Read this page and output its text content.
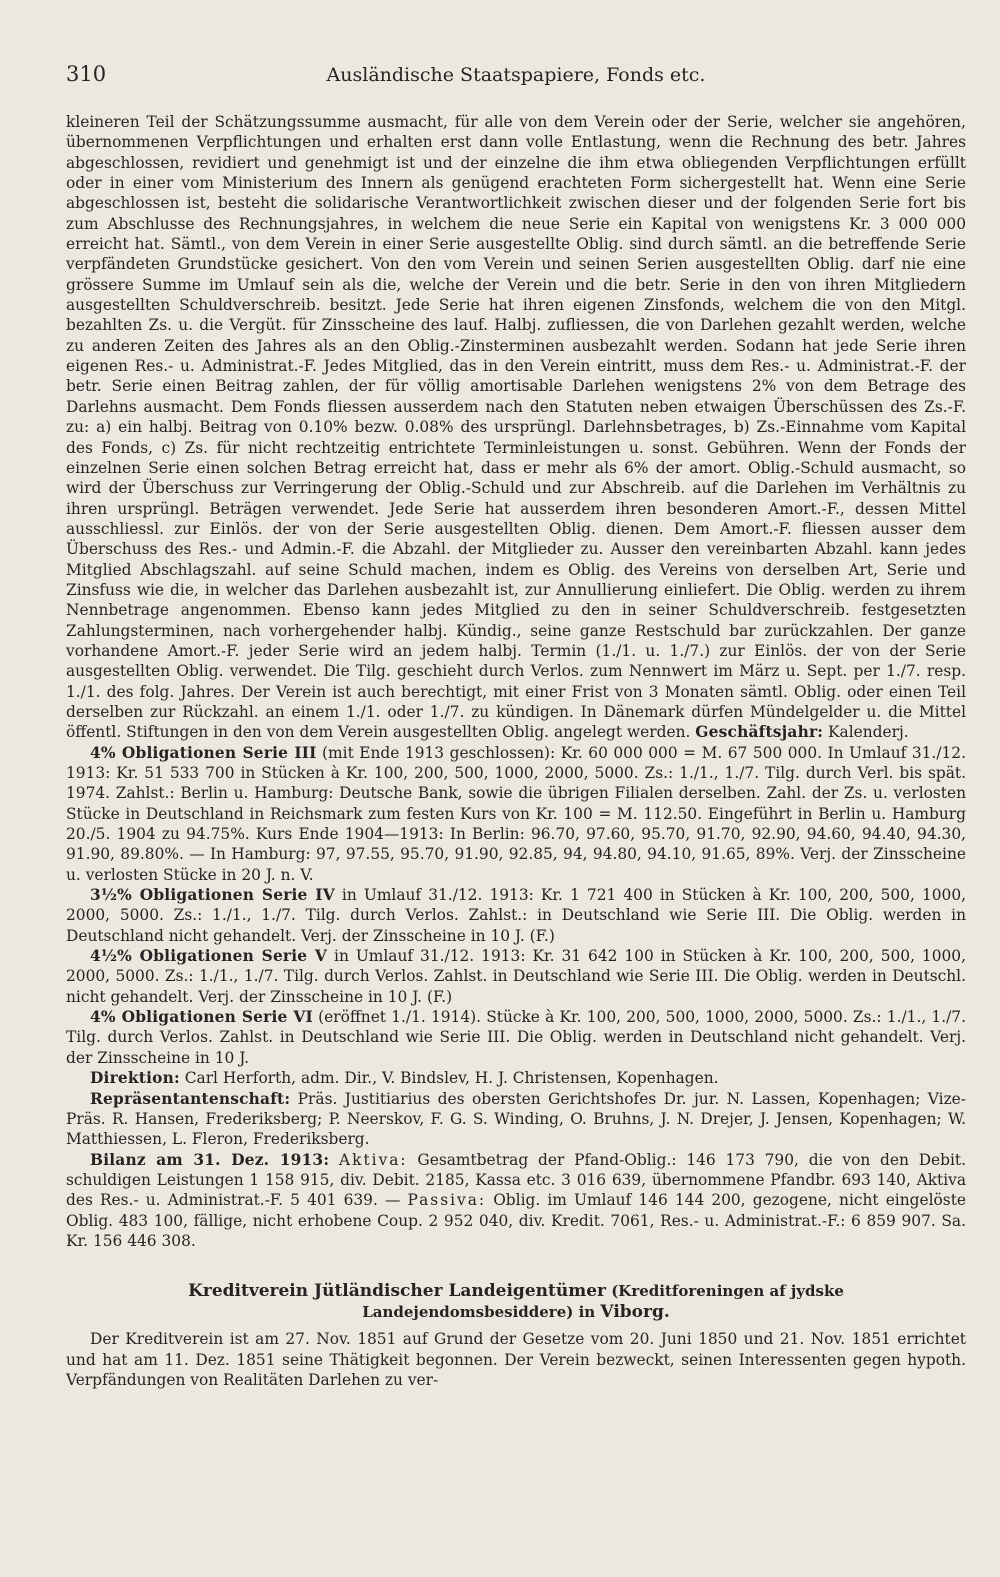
310	Ausländische Staatspapiere, Fonds etc.

kleineren Teil der Schätzungssumme ausmacht, für alle von dem Verein oder der Serie, welcher sie angehören, übernommenen Verpflichtungen und erhalten erst dann volle Entlastung, wenn die Rechnung des betr. Jahres abgeschlossen, revidiert und genehmigt ist und der einzelne die ihm etwa obliegenden Verpflichtungen erfüllt oder in einer vom Ministerium des Innern als genügend erachteten Form sichergestellt hat. Wenn eine Serie abgeschlossen ist, besteht die solidarische Verantwortlichkeit zwischen dieser und der folgenden Serie fort bis zum Abschlusse des Rechnungsjahres, in welchem die neue Serie ein Kapital von wenigstens Kr. 3 000 000 erreicht hat. Sämtl., von dem Verein in einer Serie ausgestellte Oblig. sind durch sämtl. an die betreffende Serie verpfändeten Grundstücke gesichert. Von den vom Verein und seinen Serien ausgestellten Oblig. darf nie eine grössere Summe im Umlauf sein als die, welche der Verein und die betr. Serie in den von ihren Mitgliedern ausgestellten Schuldverschreib. besitzt. Jede Serie hat ihren eigenen Zinsfonds, welchem die von den Mitgl. bezahlten Zs. u. die Vergüt. für Zinsscheine des lauf. Halbj. zufliessen, die von Darlehen gezahlt werden, welche zu anderen Zeiten des Jahres als an den Oblig.-Zinsterminen ausbezahlt werden. Sodann hat jede Serie ihren eigenen Res.- u. Administrat.-F. Jedes Mitglied, das in den Verein eintritt, muss dem Res.- u. Administrat.-F. der betr. Serie einen Beitrag zahlen, der für völlig amortisable Darlehen wenigstens 2% von dem Betrage des Darlehns ausmacht. Dem Fonds fliessen ausserdem nach den Statuten neben etwaigen Überschüssen des Zs.-F. zu: a) ein halbj. Beitrag von 0.10% bezw. 0.08% des ursprüngl. Darlehnsbetrages, b) Zs.-Einnahme vom Kapital des Fonds, c) Zs. für nicht rechtzeitig entrichtete Terminleistungen u. sonst. Gebühren. Wenn der Fonds der einzelnen Serie einen solchen Betrag erreicht hat, dass er mehr als 6% der amort. Oblig.-Schuld ausmacht, so wird der Überschuss zur Verringerung der Oblig.-Schuld und zur Abschreib. auf die Darlehen im Verhältnis zu ihren ursprüngl. Beträgen verwendet. Jede Serie hat ausserdem ihren besonderen Amort.-F., dessen Mittel ausschliessl. zur Einlös. der von der Serie ausgestellten Oblig. dienen. Dem Amort.-F. fliessen ausser dem Überschuss des Res.- und Admin.-F. die Abzahl. der Mitglieder zu. Ausser den vereinbarten Abzahl. kann jedes Mitglied Abschlagszahl. auf seine Schuld machen, indem es Oblig. des Vereins von derselben Art, Serie und Zinsfuss wie die, in welcher das Darlehen ausbezahlt ist, zur Annullierung einliefert. Die Oblig. werden zu ihrem Nennbetrage angenommen. Ebenso kann jedes Mitglied zu den in seiner Schuldverschreib. festgesetzten Zahlungsterminen, nach vorhergehender halbj. Kündig., seine ganze Restschuld bar zurückzahlen. Der ganze vorhandene Amort.-F. jeder Serie wird an jedem halbj. Termin (1./1. u. 1./7.) zur Einlös. der von der Serie ausgestellten Oblig. verwendet. Die Tilg. geschieht durch Verlos. zum Nennwert im März u. Sept. per 1./7. resp. 1./1. des folg. Jahres. Der Verein ist auch berechtigt, mit einer Frist von 3 Monaten sämtl. Oblig. oder einen Teil derselben zur Rückzahl. an einem 1./1. oder 1./7. zu kündigen. In Dänemark dürfen Mündelgelder u. die Mittel öffentl. Stiftungen in den von dem Verein ausgestellten Oblig. angelegt werden. Geschäftsjahr: Kalenderj.

4% Obligationen Serie III (mit Ende 1913 geschlossen): Kr. 60 000 000 = M. 67 500 000. In Umlauf 31./12. 1913: Kr. 51 533 700 in Stücken à Kr. 100, 200, 500, 1000, 2000, 5000. Zs.: 1./1., 1./7. Tilg. durch Verl. bis spät. 1974. Zahlst.: Berlin u. Hamburg: Deutsche Bank, sowie die übrigen Filialen derselben. Zahl. der Zs. u. verlosten Stücke in Deutschland in Reichsmark zum festen Kurs von Kr. 100 = M. 112.50. Eingeführt in Berlin u. Hamburg 20./5. 1904 zu 94.75%. Kurs Ende 1904—1913: In Berlin: 96.70, 97.60, 95.70, 91.70, 92.90, 94.60, 94.40, 94.30, 91.90, 89.80%. — In Hamburg: 97, 97.55, 95.70, 91.90, 92.85, 94, 94.80, 94.10, 91.65, 89%. Verj. der Zinsscheine u. verlosten Stücke in 20 J. n. V.

3½% Obligationen Serie IV in Umlauf 31./12. 1913: Kr. 1 721 400 in Stücken à Kr. 100, 200, 500, 1000, 2000, 5000. Zs.: 1./1., 1./7. Tilg. durch Verlos. Zahlst.: in Deutschland wie Serie III. Die Oblig. werden in Deutschland nicht gehandelt. Verj. der Zinsscheine in 10 J. (F.)

4½% Obligationen Serie V in Umlauf 31./12. 1913: Kr. 31 642 100 in Stücken à Kr. 100, 200, 500, 1000, 2000, 5000. Zs.: 1./1., 1./7. Tilg. durch Verlos. Zahlst. in Deutschland wie Serie III. Die Oblig. werden in Deutschl. nicht gehandelt. Verj. der Zinsscheine in 10 J. (F.)

4% Obligationen Serie VI (eröffnet 1./1. 1914). Stücke à Kr. 100, 200, 500, 1000, 2000, 5000. Zs.: 1./1., 1./7. Tilg. durch Verlos. Zahlst. in Deutschland wie Serie III. Die Oblig. werden in Deutschland nicht gehandelt. Verj. der Zinsscheine in 10 J.

Direktion: Carl Herforth, adm. Dir., V. Bindslev, H. J. Christensen, Kopenhagen.

Repräsentantenschaft: Präs. Justitiarius des obersten Gerichtshofes Dr. jur. N. Lassen, Kopenhagen; Vize-Präs. R. Hansen, Frederiksberg; P. Neerskov, F. G. S. Winding, O. Bruhns, J. N. Drejer, J. Jensen, Kopenhagen; W. Matthiessen, L. Fleron, Frederiksberg.

Bilanz am 31. Dez. 1913: Aktiva: Gesamtbetrag der Pfand-Oblig.: 146 173 790, die von den Debit. schuldigen Leistungen 1 158 915, div. Debit. 2185, Kassa etc. 3 016 639, übernommene Pfandbr. 693 140, Aktiva des Res.- u. Administrat.-F. 5 401 639. — Passiva: Oblig. im Umlauf 146 144 200, gezogene, nicht eingelöste Oblig. 483 100, fällige, nicht erhobene Coup. 2 952 040, div. Kredit. 7061, Res.- u. Administrat.-F.: 6 859 907. Sa. Kr. 156 446 308.

Kreditverein Jütländischer Landeigentümer (Kreditforeningen af jydske Landejendomsbesiddere) in Viborg.

Der Kreditverein ist am 27. Nov. 1851 auf Grund der Gesetze vom 20. Juni 1850 und 21. Nov. 1851 errichtet und hat am 11. Dez. 1851 seine Thätigkeit begonnen. Der Verein bezweckt, seinen Interessenten gegen hypoth. Verpfändungen von Realitäten Darlehen zu ver-
